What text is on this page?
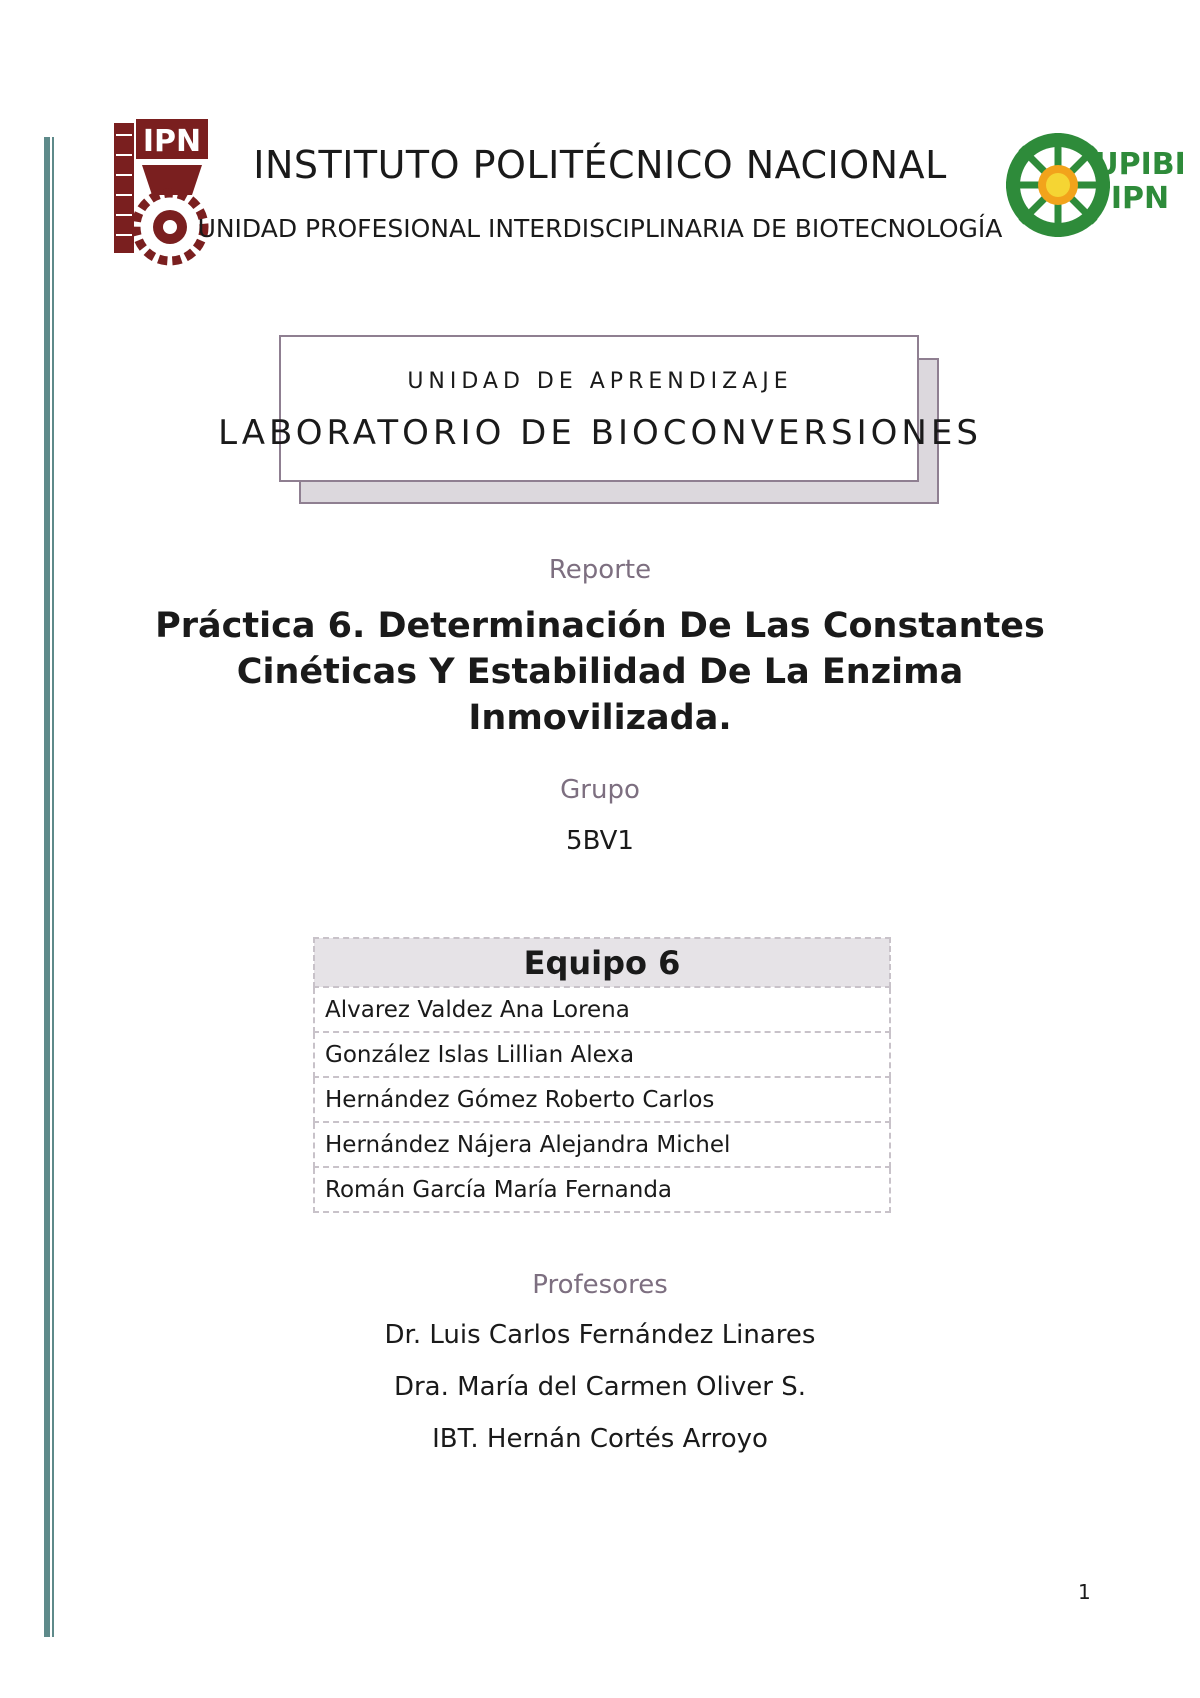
IPN
UPIBI
IPN
INSTITUTO POLITÉCNICO NACIONAL
UNIDAD PROFESIONAL INTERDISCIPLINARIA DE BIOTECNOLOGÍA
UNIDAD DE APRENDIZAJE
LABORATORIO DE BIOCONVERSIONES
Reporte
Práctica 6. Determinación De Las Constantes Cinéticas Y Estabilidad De La Enzima Inmovilizada.
Grupo
5BV1
Equipo 6
Alvarez Valdez Ana Lorena
González Islas Lillian Alexa
Hernández Gómez Roberto Carlos
Hernández Nájera Alejandra Michel
Román García María Fernanda
Profesores
Dr. Luis Carlos Fernández Linares
Dra. María del Carmen Oliver S.
IBT. Hernán Cortés Arroyo
1
